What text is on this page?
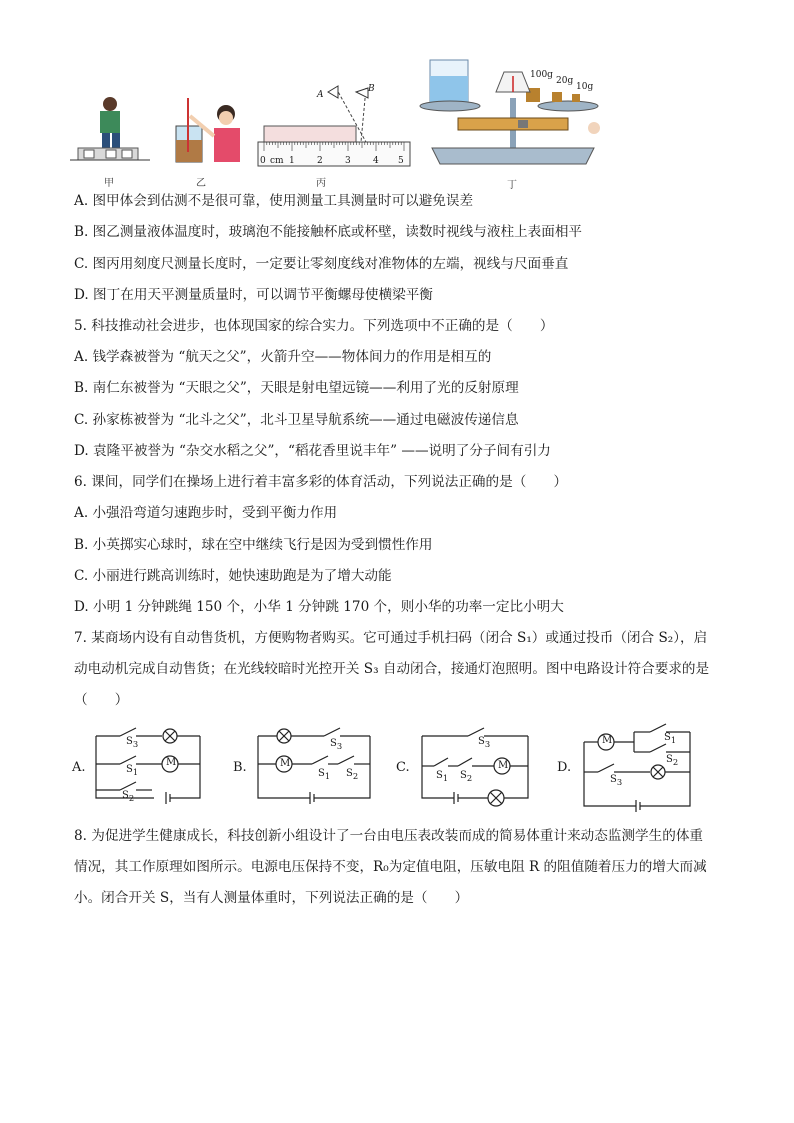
甲	乙
A
B
0 cm 1 2 3 4 5
丙
100g
20g
10g
丁
A. 图甲体会到估测不是很可靠，使用测量工具测量时可以避免误差
B. 图乙测量液体温度时，玻璃泡不能接触杯底或杯壁，读数时视线与液柱上表面相平
C. 图丙用刻度尺测量长度时，一定要让零刻度线对准物体的左端，视线与尺面垂直
D. 图丁在用天平测量质量时，可以调节平衡螺母使横梁平衡
5. 科技推动社会进步，也体现国家的综合实力。下列选项中不正确的是（　　）
A. 钱学森被誉为 “航天之父”，火箭升空——物体间力的作用是相互的
B. 南仁东被誉为 “天眼之父”，天眼是射电望远镜——利用了光的反射原理
C. 孙家栋被誉为 “北斗之父”，北斗卫星导航系统——通过电磁波传递信息
D. 袁隆平被誉为 “杂交水稻之父”，“稻花香里说丰年” ——说明了分子间有引力
6. 课间，同学们在操场上进行着丰富多彩的体育活动，下列说法正确的是（　　）
A. 小强沿弯道匀速跑步时，受到平衡力作用
B. 小英掷实心球时，球在空中继续飞行是因为受到惯性作用
C. 小丽进行跳高训练时，她快速助跑是为了增大动能
D. 小明 1 分钟跳绳 150 个，小华 1 分钟跳 170 个，则小华的功率一定比小明大
7. 某商场内设有自动售货机，方便购物者购买。它可通过手机扫码（闭合 S₁）或通过投币（闭合 S₂），启
动电动机完成自动售货；在光线较暗时光控开关 S₃ 自动闭合，接通灯泡照明。图中电路设计符合要求的是
（　　）
A.
$S_3$
$S_1$
$S_2$
M	B.
$S_3$
$S_1$ $S_2$
M	C.
$S_3$
$S_1$ $S_2$
M	D.
$S_1$
$S_2$
$S_3$
M
8. 为促进学生健康成长，科技创新小组设计了一台由电压表改装而成的简易体重计来动态监测学生的体重
情况，其工作原理如图所示。电源电压保持不变，R₀为定值电阻，压敏电阻 R 的阻值随着压力的增大而减
小。闭合开关 S，当有人测量体重时，下列说法正确的是（　　）
